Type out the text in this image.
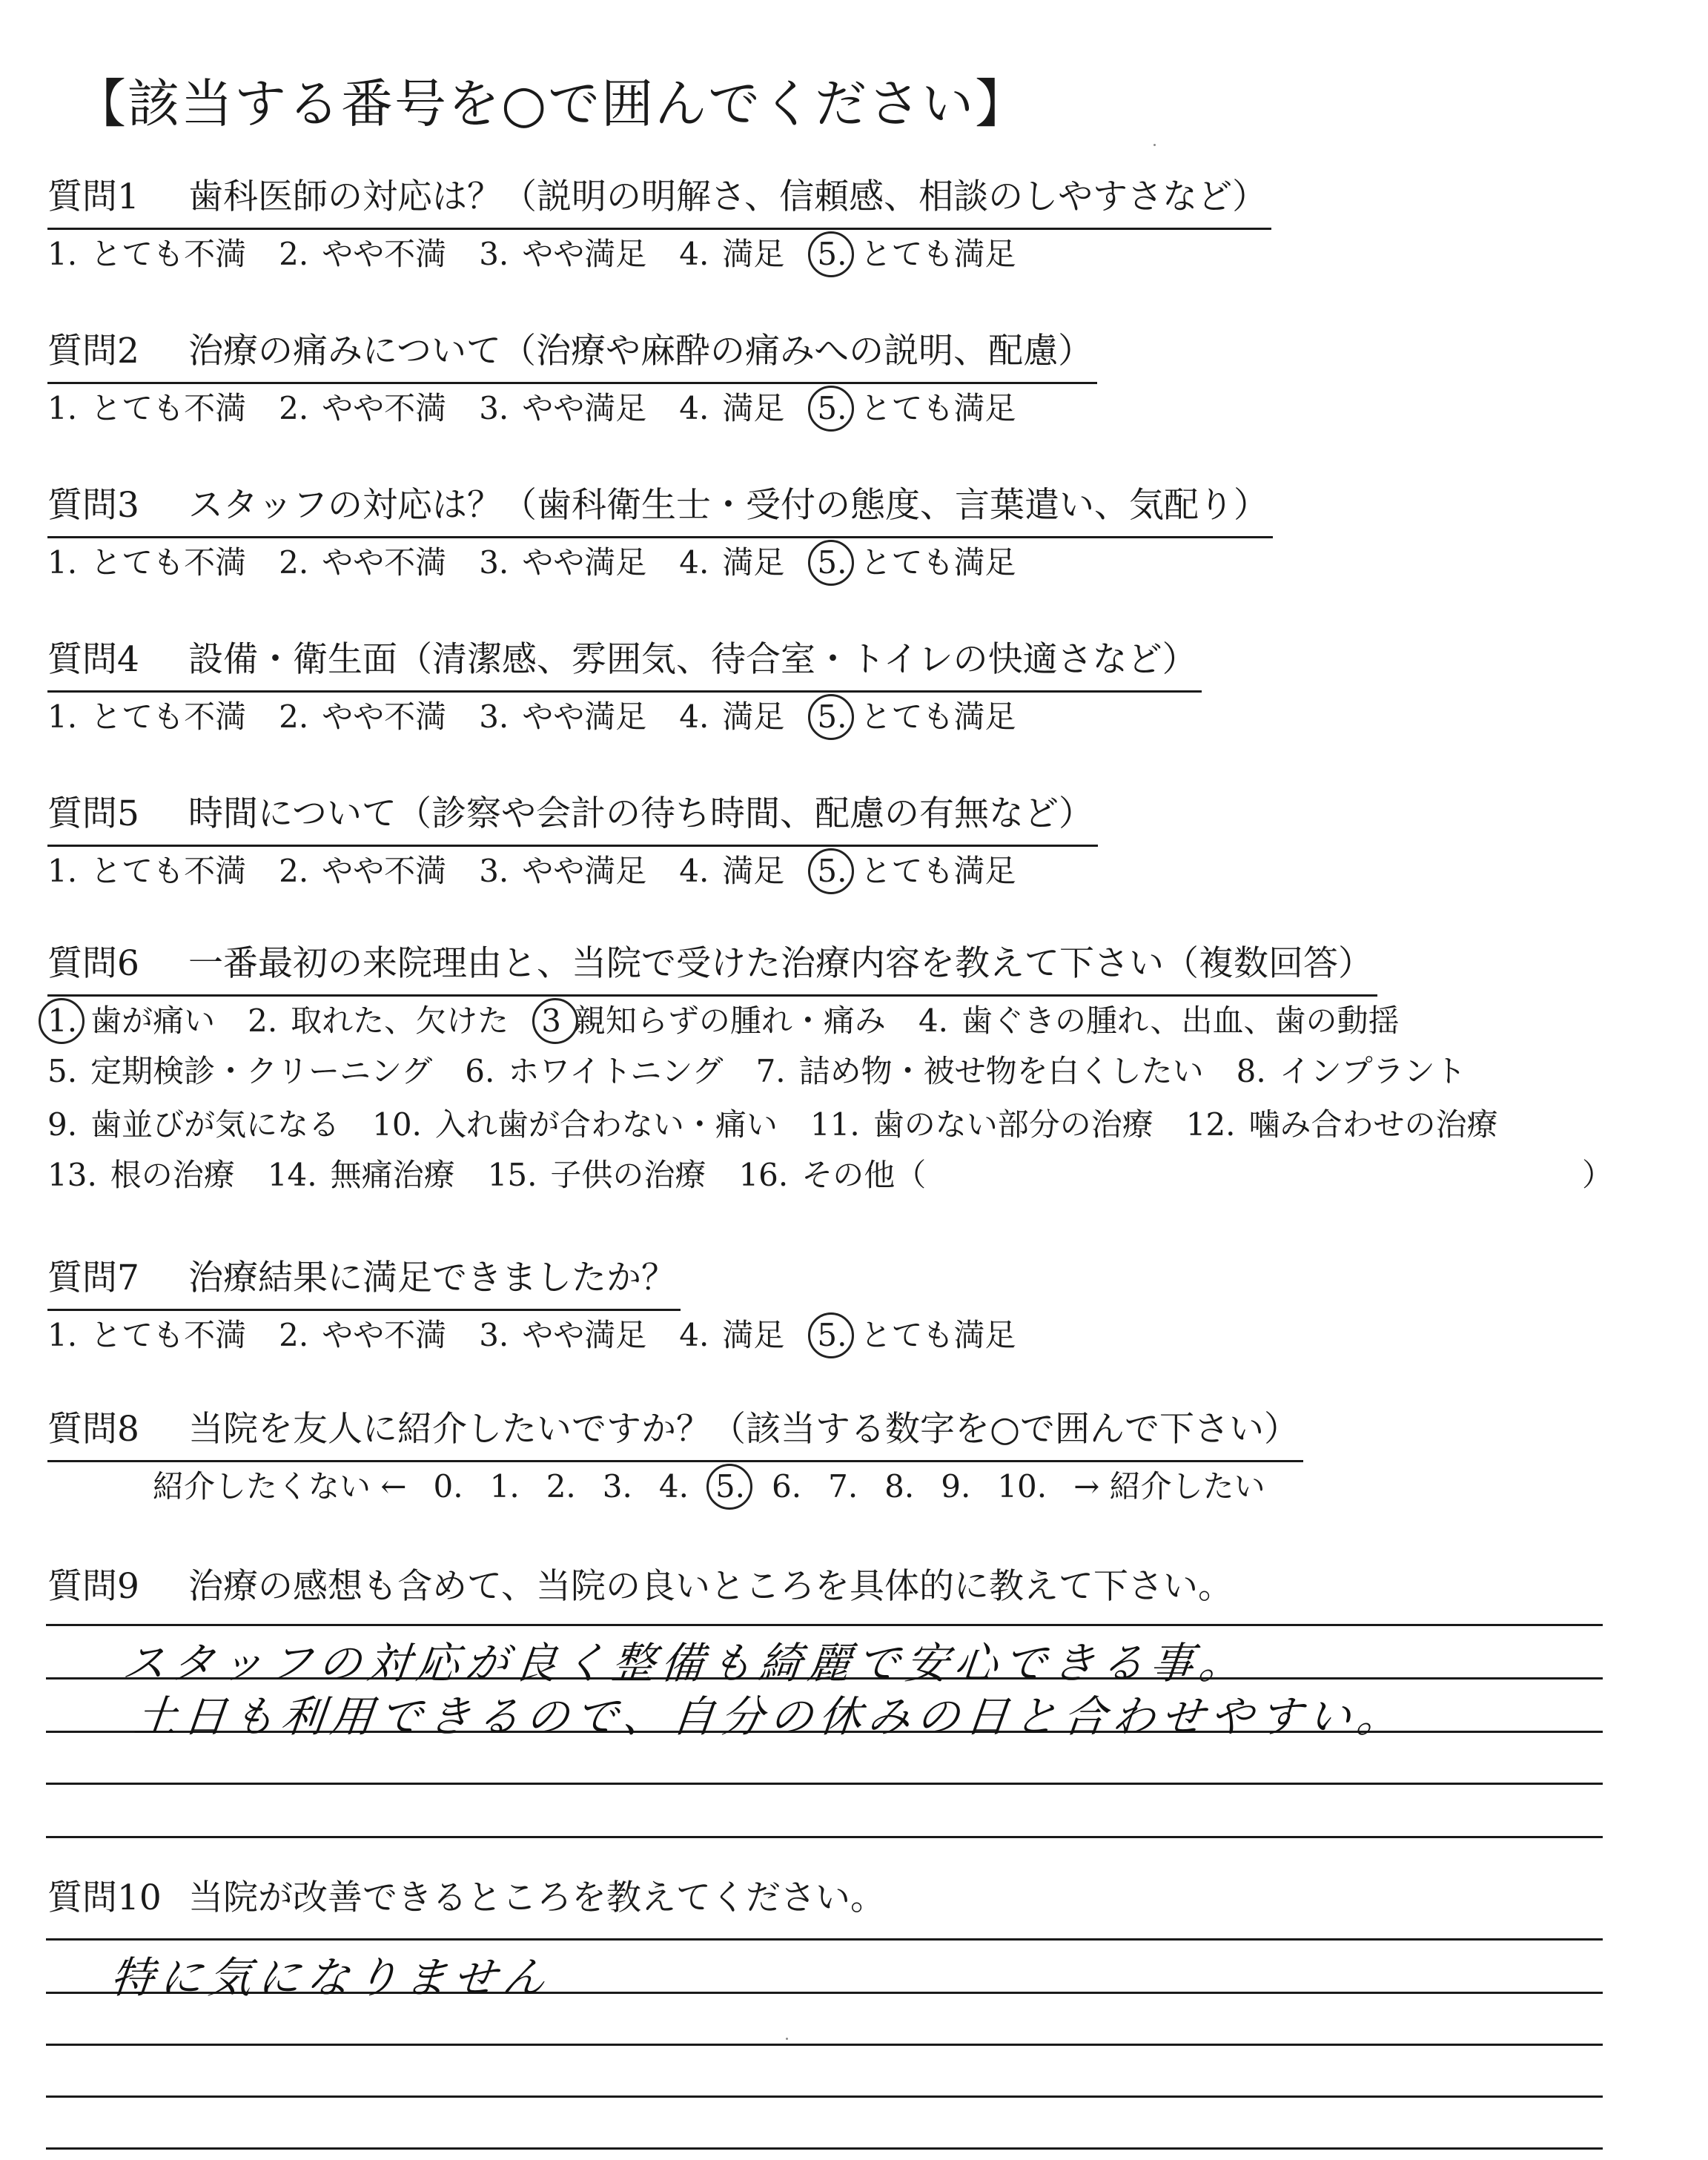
【該当する番号を○で囲んでください】
質問1 歯科医師の対応は？（説明の明解さ、信頼感、相談のしやすさなど）
1. とても不満 2. やや不満 3. やや満足 4. 満足 5. とても満足
質問2 治療の痛みについて（治療や麻酔の痛みへの説明、配慮）
1. とても不満 2. やや不満 3. やや満足 4. 満足 5. とても満足
質問3 スタッフの対応は？（歯科衛生士・受付の態度、言葉遣い、気配り）
1. とても不満 2. やや不満 3. やや満足 4. 満足 5. とても満足
質問4 設備・衛生面（清潔感、雰囲気、待合室・トイレの快適さなど）
1. とても不満 2. やや不満 3. やや満足 4. 満足 5. とても満足
質問5 時間について（診察や会計の待ち時間、配慮の有無など）
1. とても不満 2. やや不満 3. やや満足 4. 満足 5. とても満足
質問6 一番最初の来院理由と、当院で受けた治療内容を教えて下さい（複数回答）
1. 歯が痛い 2. 取れた、欠けた 3 親知らずの腫れ・痛み 4. 歯ぐきの腫れ、出血、歯の動揺
5. 定期検診・クリーニング 6. ホワイトニング 7. 詰め物・被せ物を白くしたい 8. インプラント
9. 歯並びが気になる 10. 入れ歯が合わない・痛い 11. 歯のない部分の治療 12. 噛み合わせの治療
13. 根の治療 14. 無痛治療 15. 子供の治療 16. その他（	）
質問7 治療結果に満足できましたか？
1. とても不満 2. やや不満 3. やや満足 4. 満足 5. とても満足
質問8 当院を友人に紹介したいですか？（該当する数字を○で囲んで下さい）
紹介したくない ← 0. 1. 2. 3. 4. 5. 6. 7. 8. 9. 10. → 紹介したい
質問9 治療の感想も含めて、当院の良いところを具体的に教えて下さい。
スタッフの対応が良く整備も綺麗で安心できる事。
土日も利用できるので、自分の休みの日と合わせやすい。
質問10 当院が改善できるところを教えてください。
特に気になりません
